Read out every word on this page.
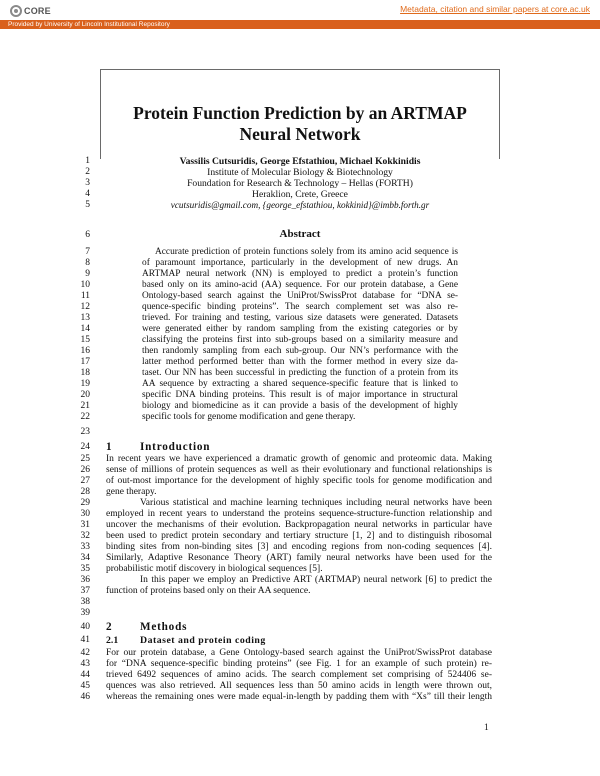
CORE	Metadata, citation and similar papers at core.ac.uk
Provided by University of Lincoln Institutional Repository
Protein Function Prediction by an ARTMAP
Neural Network
1
2
3
4
5
6
7
8
9
10
11
12
13
14
15
16
17
18
19
20
21
22
23
24
25
26
27
28
29
30
31
32
33
34
35
36
37
38
39
40
41
42
43
44
45
46
Vassilis Cutsuridis, George Efstathiou, Michael Kokkinidis
Institute of Molecular Biology & Biotechnology
Foundation for Research & Technology – Hellas (FORTH)
Heraklion, Crete, Greece
vcutsuridis@gmail.com, {george_efstathiou, kokkinid}@imbb.forth.gr
Abstract
Accurate prediction of protein functions solely from its amino acid sequence is
of paramount importance, particularly in the development of new drugs. An
ARTMAP neural network (NN) is employed to predict a protein’s function
based only on its amino-acid (AA) sequence. For our protein database, a Gene
Ontology-based search against the UniProt/SwissProt database for “DNA se-
quence-specific binding proteins”. The search complement set was also re-
trieved. For training and testing, various size datasets were generated. Datasets
were generated either by random sampling from the existing categories or by
classifying the proteins first into sub-groups based on a similarity measure and
then randomly sampling from each sub-group. Our NN’s performance with the
latter method performed better than with the former method in every size da-
taset. Our NN has been successful in predicting the function of a protein from its
AA sequence by extracting a shared sequence-specific feature that is linked to
specific DNA binding proteins. This result is of major importance in structural
biology and biomedicine as it can provide a basis of the development of highly
specific tools for genome modification and gene therapy.
1	Introduction
In recent years we have experienced a dramatic growth of genomic and proteomic data. Making
sense of millions of protein sequences as well as their evolutionary and functional relationships is
of out-most importance for the development of highly specific tools for genome modification and
gene therapy.
Various statistical and machine learning techniques including neural networks have been
employed in recent years to understand the proteins sequence-structure-function relationship and
uncover the mechanisms of their evolution. Backpropagation neural networks in particular have
been used to predict protein secondary and tertiary structure [1, 2] and to distinguish ribosomal
binding sites from non-binding sites [3] and encoding regions from non-coding sequences [4].
Similarly, Adaptive Resonance Theory (ART) family neural networks have been used for the
probabilistic motif discovery in biological sequences [5].
In this paper we employ an Predictive ART (ARTMAP) neural network [6] to predict the
function of proteins based only on their AA sequence.
2	Methods
2.1 Dataset and protein coding
For our protein database, a Gene Ontology-based search against the UniProt/SwissProt database
for “DNA sequence-specific binding proteins” (see Fig. 1 for an example of such protein) re-
trieved 6492 sequences of amino acids. The search complement set comprising of 524406 se-
quences was also retrieved. All sequences less than 50 amino acids in length were thrown out,
whereas the remaining ones were made equal-in-length by padding them with “Xs” till their length
1
